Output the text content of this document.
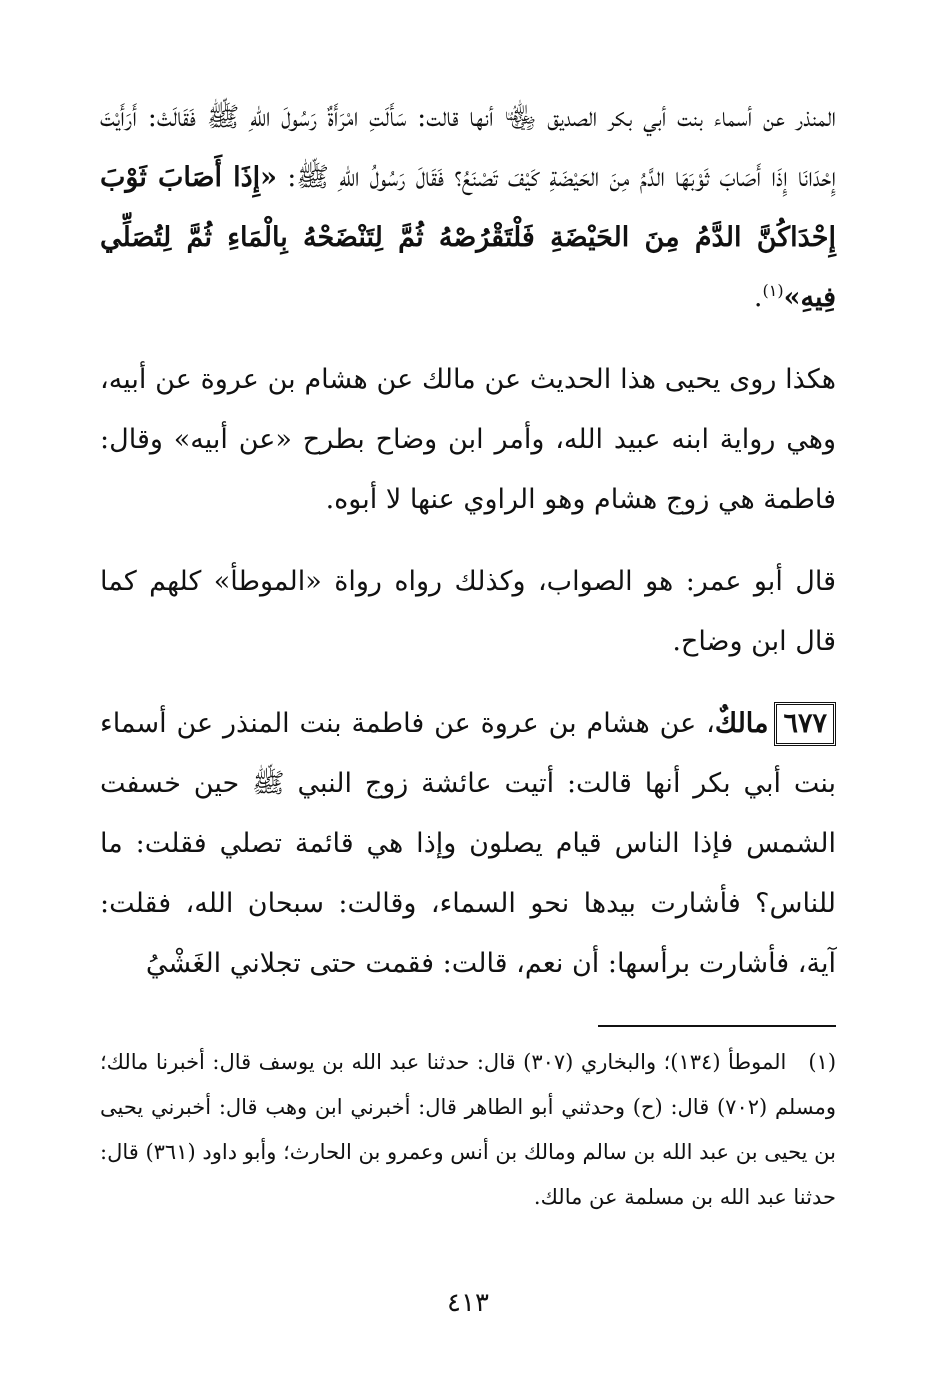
المنذر عن أسماء بنت أبي بكر الصديق ﵄ أنها قالت: سَأَلَتِ امْرَأَةٌ رَسُولَ اللهِ ﷺ فَقَالَتْ: أَرَأَيْتَ إِحْدَانَا إِذَا أَصَابَ ثَوْبَهَا الدَّمُ مِنَ الحَيْضَةِ كَيْفَ تَصْنَعُ؟ فَقَالَ رَسُولُ اللهِ ﷺ: «إِذَا أَصَابَ ثَوْبَ إِحْدَاكُنَّ الدَّمُ مِنَ الحَيْضَةِ فَلْتَقْرُصْهُ ثُمَّ لِتَنْضَحْهُ بِالْمَاءِ ثُمَّ لِتُصَلِّي فِيهِ»$^{(١)}$.

هكذا روى يحيى هذا الحديث عن مالك عن هشام بن عروة عن أبيه، وهي رواية ابنه عبيد الله، وأمر ابن وضاح بطرح «عن أبيه» وقال: فاطمة هي زوج هشام وهو الراوي عنها لا أبوه.

قال أبو عمر: هو الصواب، وكذلك رواه رواة «الموطأ» كلهم كما قال ابن وضاح.

٦٧٧مالكٌ، عن هشام بن عروة عن فاطمة بنت المنذر عن أسماء بنت أبي بكر أنها قالت: أتيت عائشة زوج النبي ﷺ حين خسفت الشمس فإذا الناس قيام يصلون وإذا هي قائمة تصلي فقلت: ما للناس؟ فأشارت بيدها نحو السماء، وقالت: سبحان الله، فقلت: آية، فأشارت برأسها: أن نعم، قالت: فقمت حتى تجلاني الغَشْيُ

(١)الموطأ (١٣٤)؛ والبخاري (٣٠٧) قال: حدثنا عبد الله بن يوسف قال: أخبرنا مالك؛ ومسلم (٧٠٢) قال: (ح) وحدثني أبو الطاهر قال: أخبرني ابن وهب قال: أخبرني يحيى بن يحيى بن عبد الله بن سالم ومالك بن أنس وعمرو بن الحارث؛ وأبو داود (٣٦١) قال: حدثنا عبد الله بن مسلمة عن مالك.
٤١٣
